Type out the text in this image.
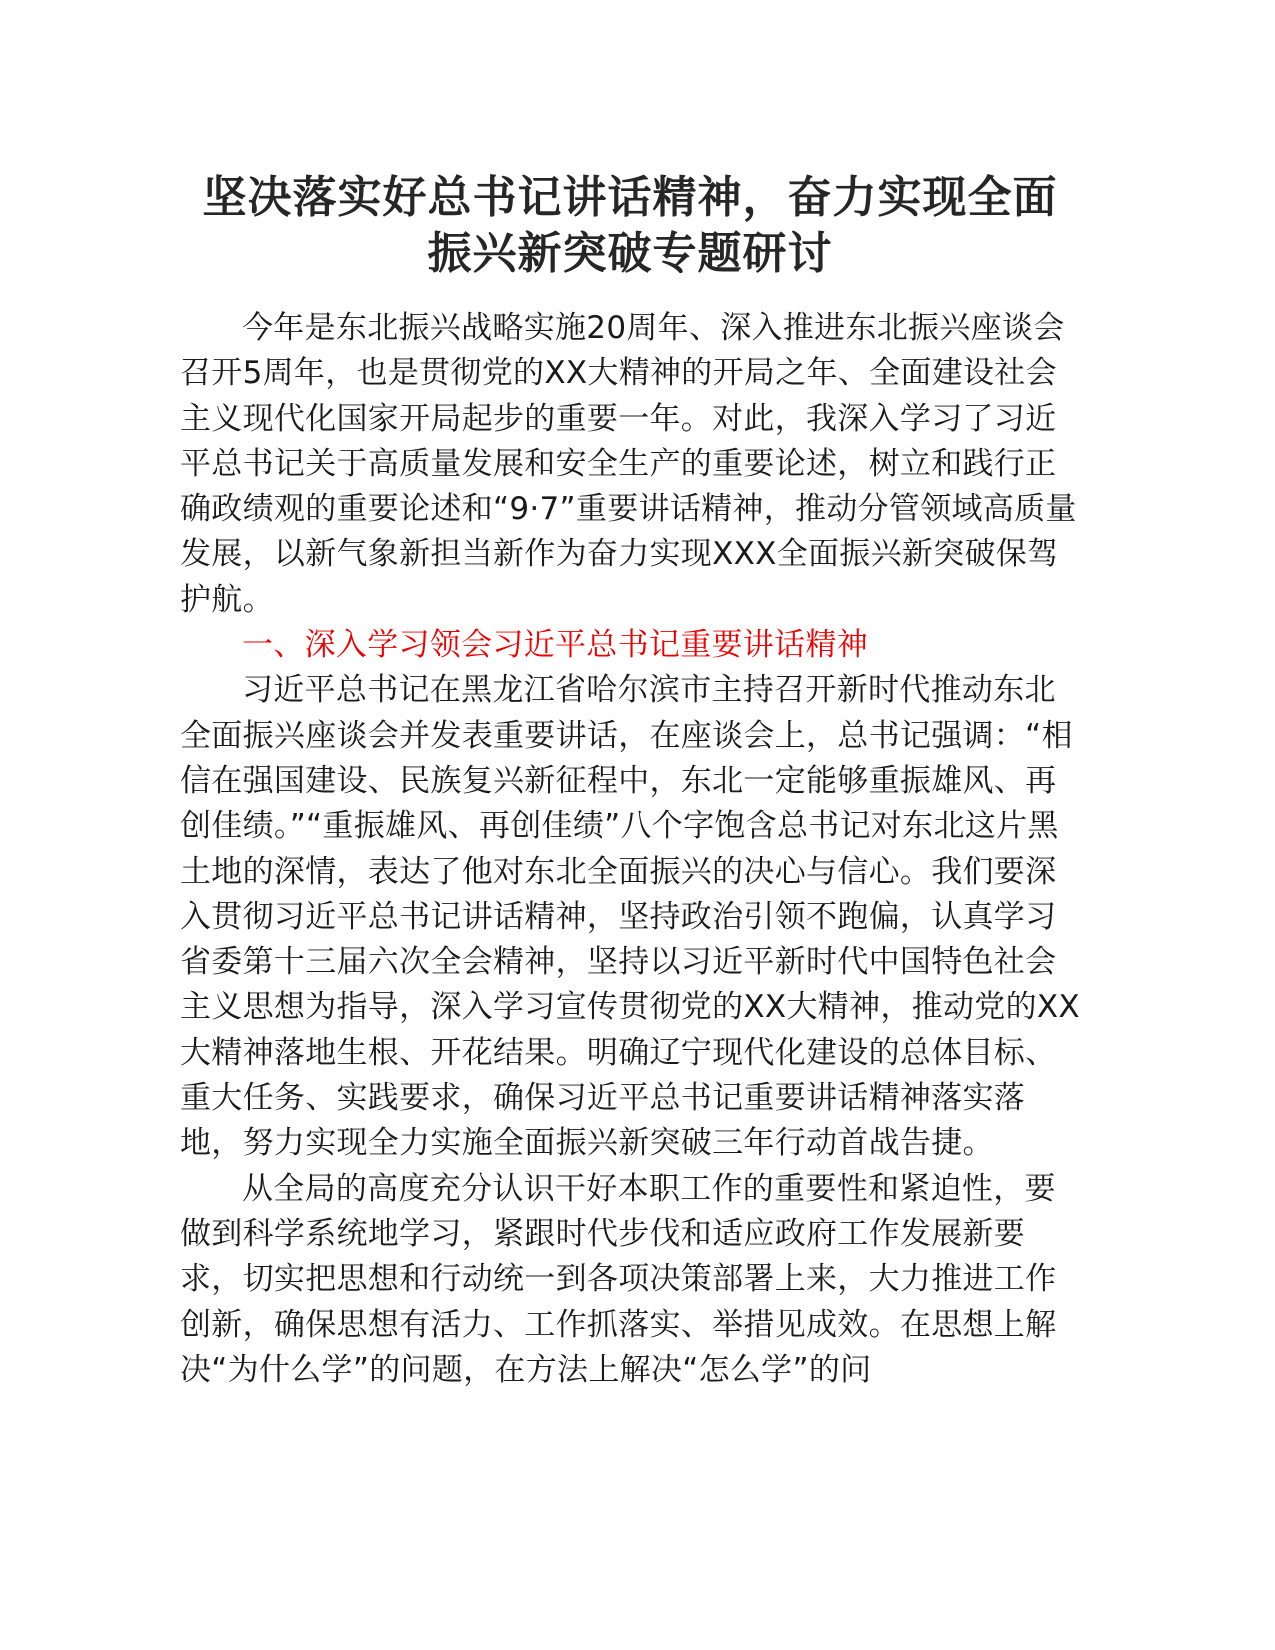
坚决落实好总书记讲话精神，奋力实现全面
振兴新突破专题研讨

今年是东北振兴战略实施20周年、深入推进东北振兴座谈会召开5周年，也是贯彻党的XX大精神的开局之年、全面建设社会主义现代化国家开局起步的重要一年。对此，我深入学习了习近平总书记关于高质量发展和安全生产的重要论述，树立和践行正确政绩观的重要论述和“9·7”重要讲话精神，推动分管领域高质量发展，以新气象新担当新作为奋力实现XXX全面振兴新突破保驾护航。

一、深入学习领会习近平总书记重要讲话精神

习近平总书记在黑龙江省哈尔滨市主持召开新时代推动东北全面振兴座谈会并发表重要讲话，在座谈会上，总书记强调：“相信在强国建设、民族复兴新征程中，东北一定能够重振雄风、再创佳绩。”“重振雄风、再创佳绩”八个字饱含总书记对东北这片黑土地的深情，表达了他对东北全面振兴的决心与信心。我们要深入贯彻习近平总书记讲话精神，坚持政治引领不跑偏，认真学习省委第十三届六次全会精神，坚持以习近平新时代中国特色社会主义思想为指导，深入学习宣传贯彻党的XX大精神，推动党的XX大精神落地生根、开花结果。明确辽宁现代化建设的总体目标、重大任务、实践要求，确保习近平总书记重要讲话精神落实落地，努力实现全力实施全面振兴新突破三年行动首战告捷。

从全局的高度充分认识干好本职工作的重要性和紧迫性，要做到科学系统地学习，紧跟时代步伐和适应政府工作发展新要求，切实把思想和行动统一到各项决策部署上来，大力推进工作创新，确保思想有活力、工作抓落实、举措见成效。在思想上解决“为什么学”的问题，在方法上解决“怎么学”的问
